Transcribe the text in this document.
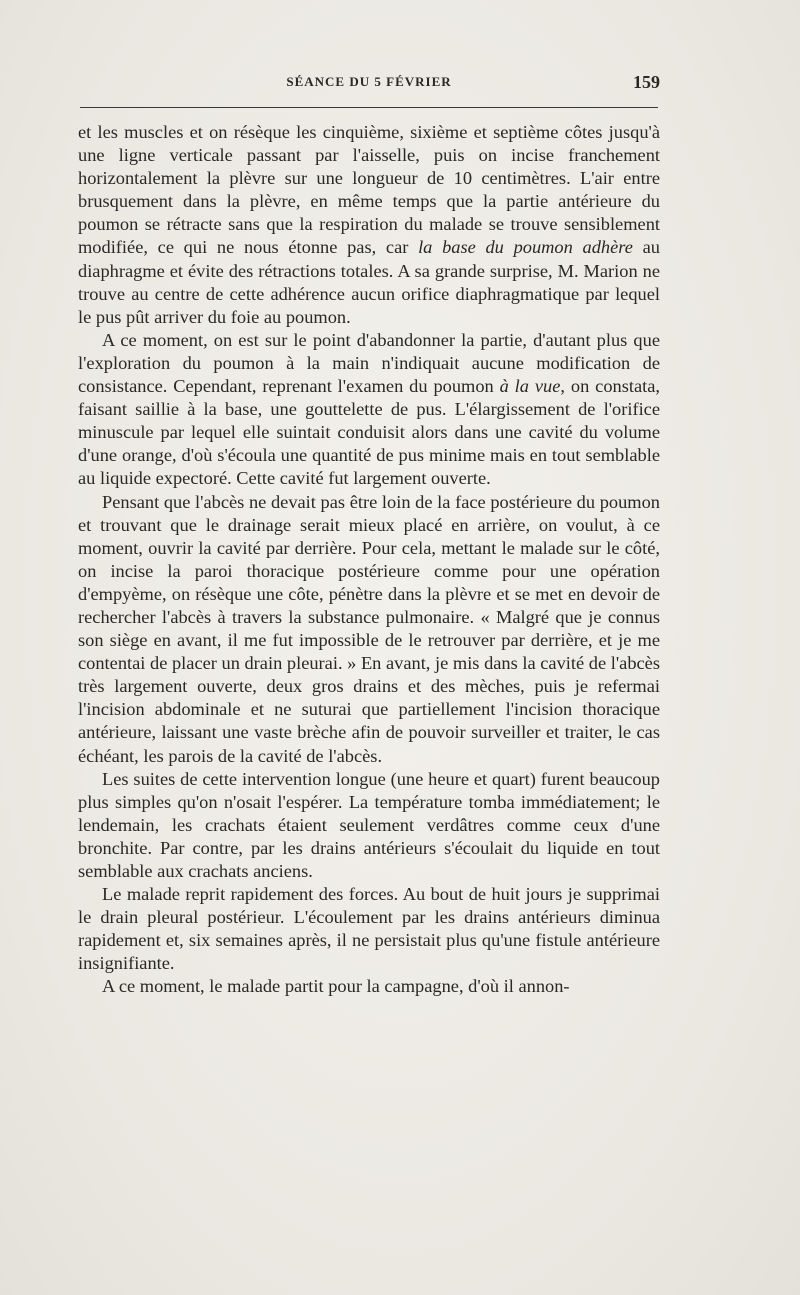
SÉANCE DU 5 FÉVRIER	159

et les muscles et on résèque les cinquième, sixième et septième côtes jusqu'à une ligne verticale passant par l'aisselle, puis on incise franchement horizontalement la plèvre sur une longueur de 10 centimètres. L'air entre brusquement dans la plèvre, en même temps que la partie antérieure du poumon se rétracte sans que la respiration du malade se trouve sensiblement modifiée, ce qui ne nous étonne pas, car la base du poumon adhère au diaphragme et évite des rétractions totales. A sa grande surprise, M. Marion ne trouve au centre de cette adhérence aucun orifice diaphragmatique par lequel le pus pût arriver du foie au poumon.

A ce moment, on est sur le point d'abandonner la partie, d'autant plus que l'exploration du poumon à la main n'indiquait aucune modification de consistance. Cependant, reprenant l'examen du poumon à la vue, on constata, faisant saillie à la base, une gouttelette de pus. L'élargissement de l'orifice minuscule par lequel elle suintait conduisit alors dans une cavité du volume d'une orange, d'où s'écoula une quantité de pus minime mais en tout semblable au liquide expectoré. Cette cavité fut largement ouverte.

Pensant que l'abcès ne devait pas être loin de la face postérieure du poumon et trouvant que le drainage serait mieux placé en arrière, on voulut, à ce moment, ouvrir la cavité par derrière. Pour cela, mettant le malade sur le côté, on incise la paroi thoracique postérieure comme pour une opération d'empyème, on résèque une côte, pénètre dans la plèvre et se met en devoir de rechercher l'abcès à travers la substance pulmonaire. « Malgré que je connus son siège en avant, il me fut impossible de le retrouver par derrière, et je me contentai de placer un drain pleurai. » En avant, je mis dans la cavité de l'abcès très largement ouverte, deux gros drains et des mèches, puis je refermai l'incision abdominale et ne suturai que partiellement l'incision thoracique antérieure, laissant une vaste brèche afin de pouvoir surveiller et traiter, le cas échéant, les parois de la cavité de l'abcès.

Les suites de cette intervention longue (une heure et quart) furent beaucoup plus simples qu'on n'osait l'espérer. La température tomba immédiatement; le lendemain, les crachats étaient seulement verdâtres comme ceux d'une bronchite. Par contre, par les drains antérieurs s'écoulait du liquide en tout semblable aux crachats anciens.

Le malade reprit rapidement des forces. Au bout de huit jours je supprimai le drain pleural postérieur. L'écoulement par les drains antérieurs diminua rapidement et, six semaines après, il ne persistait plus qu'une fistule antérieure insignifiante.

A ce moment, le malade partit pour la campagne, d'où il annon-
